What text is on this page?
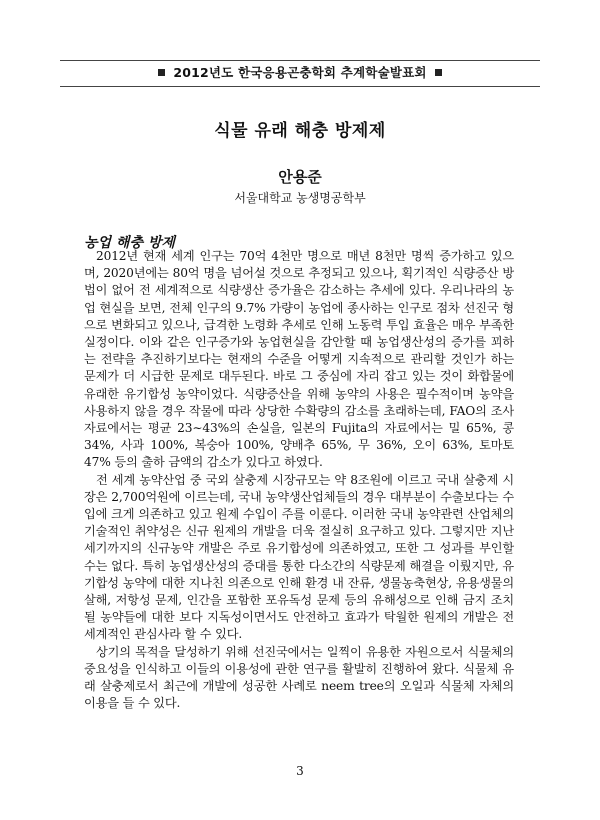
2012년도 한국응용곤충학회 추계학술발표회
식물 유래 해충 방제제
안용준
서울대학교 농생명공학부
농업 해충 방제

2012년 현재 세계 인구는 70억 4천만 명으로 매년 8천만 명씩 증가하고 있으며, 2020년에는 80억 명을 넘어설 것으로 추정되고 있으나, 획기적인 식량증산 방법이 없어 전 세계적으로 식량생산 증가율은 감소하는 추세에 있다. 우리나라의 농업 현실을 보면, 전체 인구의 9.7% 가량이 농업에 종사하는 인구로 점차 선진국 형으로 변화되고 있으나, 급격한 노령화 추세로 인해 노동력 투입 효율은 매우 부족한 실정이다. 이와 같은 인구증가와 농업현실을 감안할 때 농업생산성의 증가를 꾀하는 전략을 추진하기보다는 현재의 수준을 어떻게 지속적으로 관리할 것인가 하는 문제가 더 시급한 문제로 대두된다. 바로 그 중심에 자리 잡고 있는 것이 화합물에 유래한 유기합성 농약이었다. 식량증산을 위해 농약의 사용은 필수적이며 농약을 사용하지 않을 경우 작물에 따라 상당한 수확량의 감소를 초래하는데, FAO의 조사 자료에서는 평균 23∼43%의 손실을, 일본의 Fujita의 자료에서는 밀 65%, 콩 34%, 사과 100%, 복숭아 100%, 양배추 65%, 무 36%, 오이 63%, 토마토 47% 등의 출하 금액의 감소가 있다고 하였다.

전 세계 농약산업 중 국외 살충제 시장규모는 약 8조원에 이르고 국내 살충제 시장은 2,700억원에 이르는데, 국내 농약생산업체들의 경우 대부분이 수출보다는 수입에 크게 의존하고 있고 원제 수입이 주를 이룬다. 이러한 국내 농약관련 산업체의 기술적인 취약성은 신규 원제의 개발을 더욱 절실히 요구하고 있다. 그렇지만 지난 세기까지의 신규농약 개발은 주로 유기합성에 의존하였고, 또한 그 성과를 부인할 수는 없다. 특히 농업생산성의 증대를 통한 다소간의 식량문제 해결을 이뤘지만, 유기합성 농약에 대한 지나친 의존으로 인해 환경 내 잔류, 생물농축현상, 유용생물의 살해, 저항성 문제, 인간을 포함한 포유독성 문제 등의 유해성으로 인해 금지 조치될 농약들에 대한 보다 지독성이면서도 안전하고 효과가 탁월한 원제의 개발은 전 세계적인 관심사라 할 수 있다.

상기의 목적을 달성하기 위해 선진국에서는 일찍이 유용한 자원으로서 식물체의 중요성을 인식하고 이들의 이용성에 관한 연구를 활발히 진행하여 왔다. 식물체 유래 살충제로서 최근에 개발에 성공한 사례로 neem tree의 오일과 식물체 자체의 이용을 들 수 있다.

3
